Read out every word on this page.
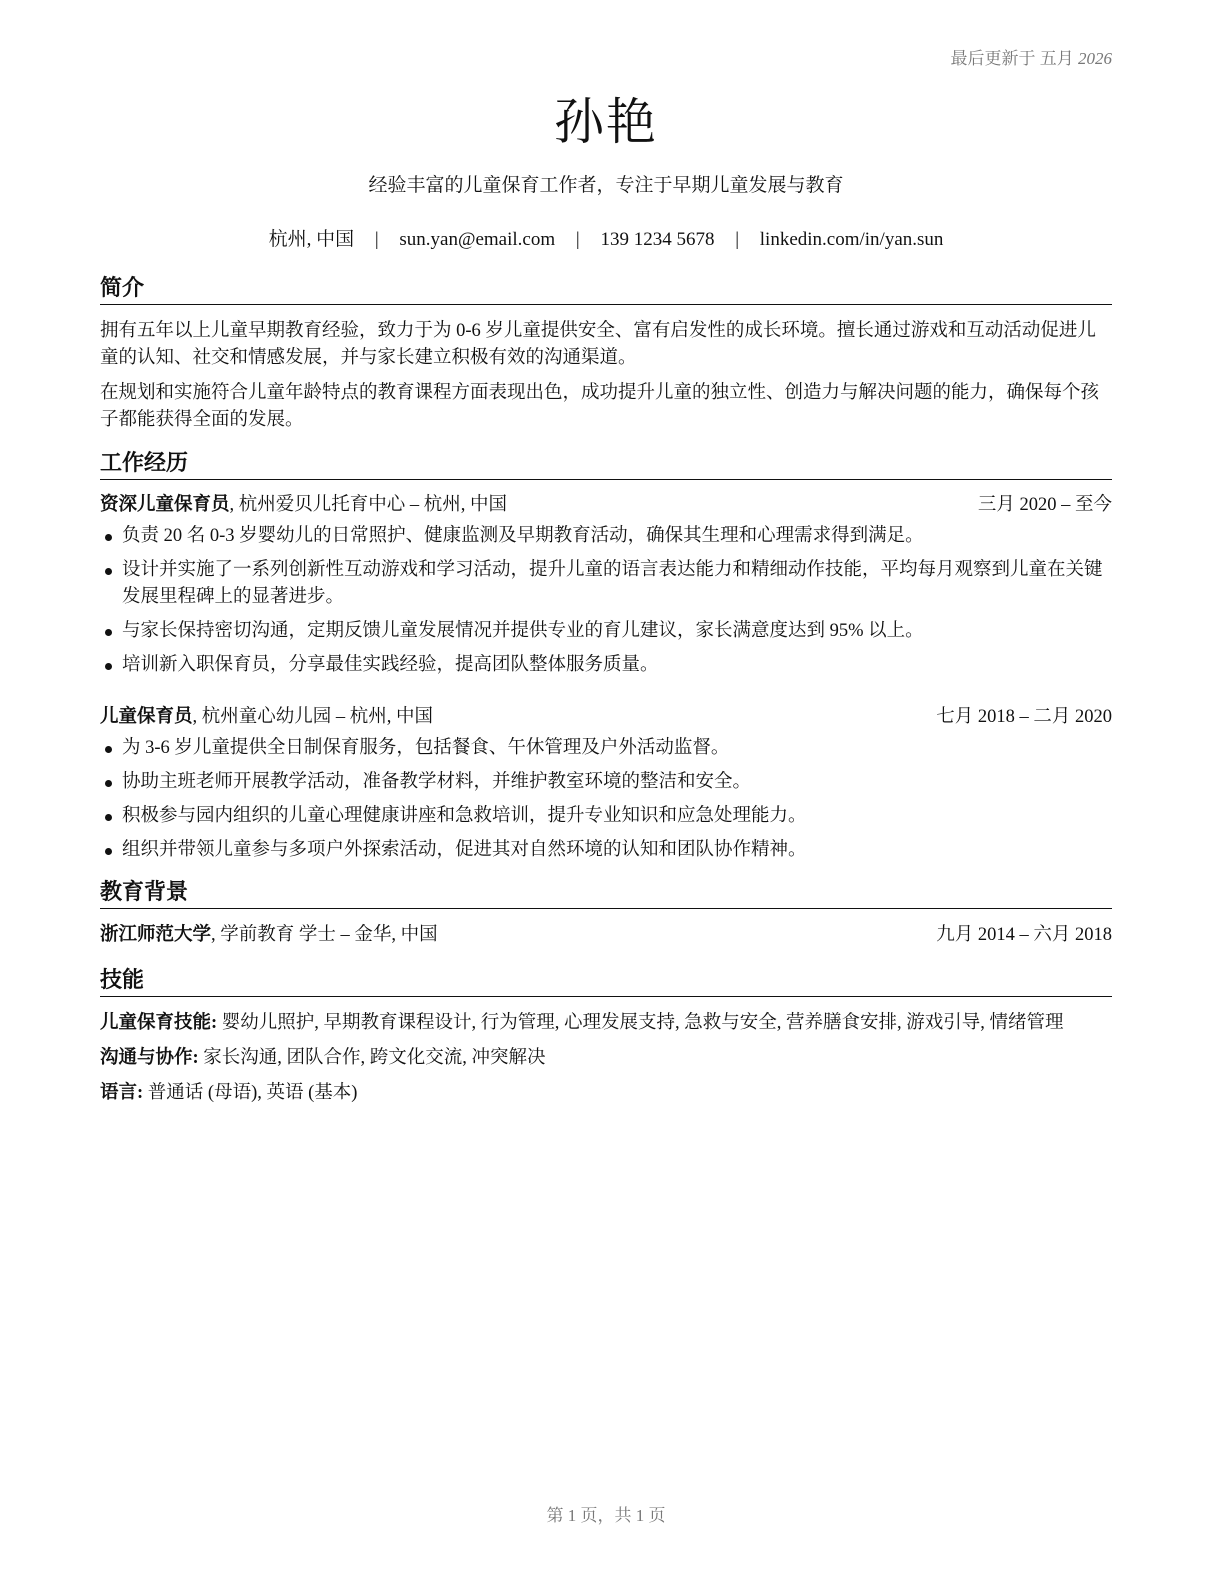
最后更新于 五月 2026
孙艳
经验丰富的儿童保育工作者，专注于早期儿童发展与教育
杭州, 中国 | sun.yan@email.com | 139 1234 5678 | linkedin.com/in/yan.sun
简介

拥有五年以上儿童早期教育经验，致力于为 0-6 岁儿童提供安全、富有启发性的成长环境。擅长通过游戏和互动活动促进儿童的认知、社交和情感发展，并与家长建立积极有效的沟通渠道。

在规划和实施符合儿童年龄特点的教育课程方面表现出色，成功提升儿童的独立性、创造力与解决问题的能力，确保每个孩子都能获得全面的发展。

工作经历
资深儿童保育员, 杭州爱贝儿托育中心 – 杭州, 中国	三月 2020 – 至今
负责 20 名 0-3 岁婴幼儿的日常照护、健康监测及早期教育活动，确保其生理和心理需求得到满足。
设计并实施了一系列创新性互动游戏和学习活动，提升儿童的语言表达能力和精细动作技能，平均每月观察到儿童在关键发展里程碑上的显著进步。
与家长保持密切沟通，定期反馈儿童发展情况并提供专业的育儿建议，家长满意度达到 95% 以上。
培训新入职保育员，分享最佳实践经验，提高团队整体服务质量。
儿童保育员, 杭州童心幼儿园 – 杭州, 中国	七月 2018 – 二月 2020
为 3-6 岁儿童提供全日制保育服务，包括餐食、午休管理及户外活动监督。
协助主班老师开展教学活动，准备教学材料，并维护教室环境的整洁和安全。
积极参与园内组织的儿童心理健康讲座和急救培训，提升专业知识和应急处理能力。
组织并带领儿童参与多项户外探索活动，促进其对自然环境的认知和团队协作精神。
教育背景
浙江师范大学, 学前教育 学士 – 金华, 中国	九月 2014 – 六月 2018
技能
儿童保育技能: 婴幼儿照护, 早期教育课程设计, 行为管理, 心理发展支持, 急救与安全, 营养膳食安排, 游戏引导, 情绪管理
沟通与协作: 家长沟通, 团队合作, 跨文化交流, 冲突解决
语言: 普通话 (母语), 英语 (基本)
第 1 页，共 1 页
